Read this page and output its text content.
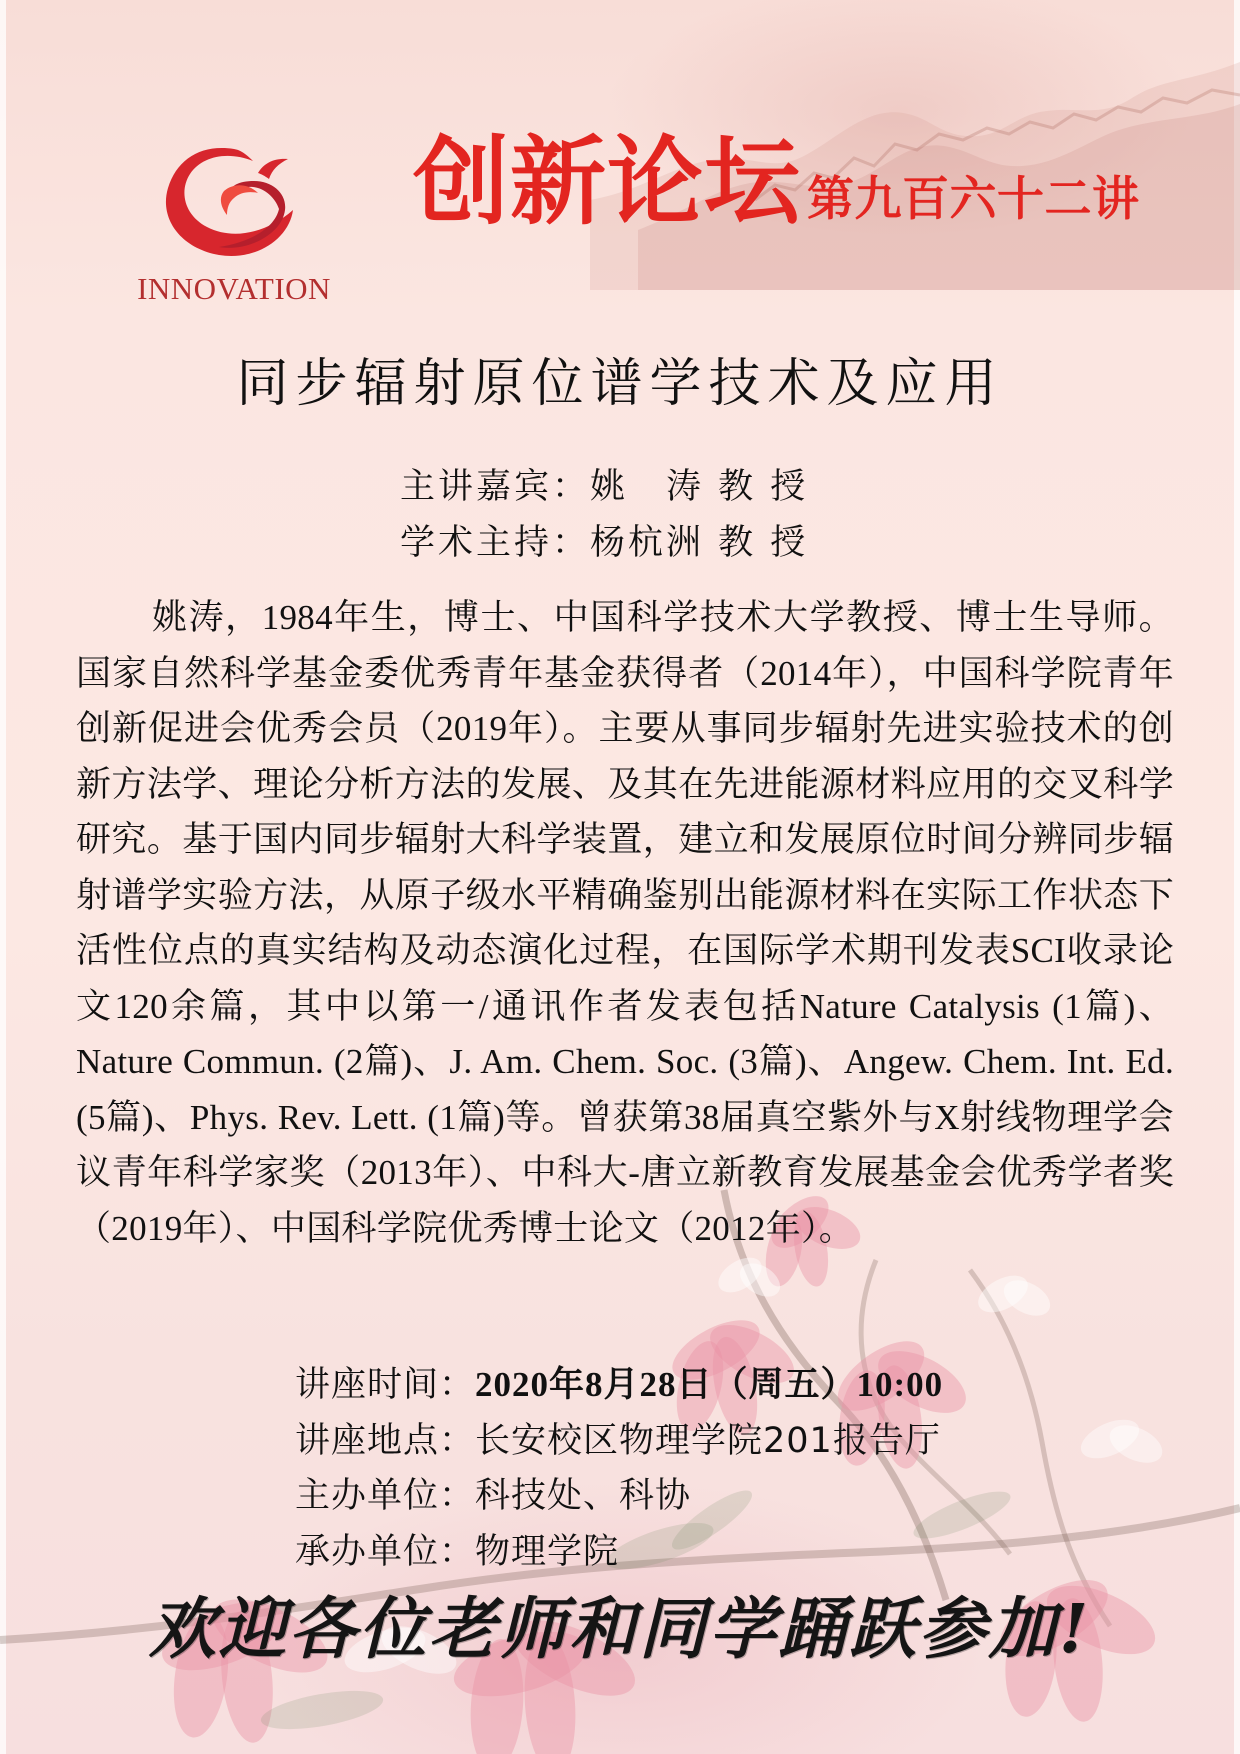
INNOVATION
创新论坛 第九百六十二讲
同步辐射原位谱学技术及应用
主讲嘉宾：姚　涛 教 授
学术主持：杨杭洲 教 授
姚涛，1984年生，博士、中国科学技术大学教授、博士生导师。国家自然科学基金委优秀青年基金获得者（2014年），中国科学院青年创新促进会优秀会员（2019年）。主要从事同步辐射先进实验技术的创新方法学、理论分析方法的发展、及其在先进能源材料应用的交叉科学研究。基于国内同步辐射大科学装置，建立和发展原位时间分辨同步辐射谱学实验方法，从原子级水平精确鉴别出能源材料在实际工作状态下活性位点的真实结构及动态演化过程，在国际学术期刊发表SCI收录论文120余篇，其中以第一/通讯作者发表包括Nature Catalysis (1篇)、Nature Commun. (2篇)、J. Am. Chem. Soc. (3篇)、Angew. Chem. Int. Ed. (5篇)、Phys. Rev. Lett. (1篇)等。曾获第38届真空紫外与X射线物理学会议青年科学家奖（2013年）、中科大-唐立新教育发展基金会优秀学者奖（2019年）、中国科学院优秀博士论文（2012年）。
讲座时间：2020年8月28日（周五）10:00
讲座地点：长安校区物理学院201报告厅
主办单位：科技处、科协
承办单位：物理学院
欢迎各位老师和同学踊跃参加!
